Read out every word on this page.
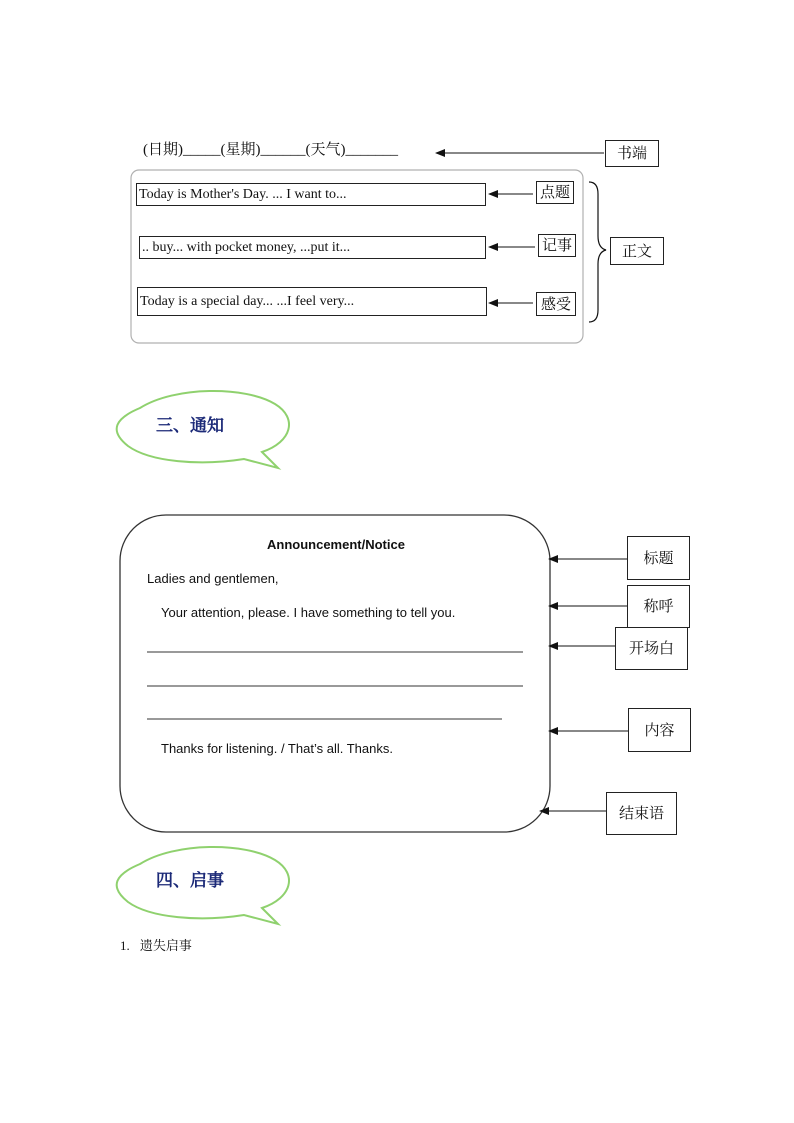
(日期)_____(星期)______(天气)_______	书端
正文
Today is Mother's Day. ... I want to...	点题
.. buy... with pocket money, ...put it...	记事
Today is a special day... ...I feel very...	感受
三、通知
Announcement/Notice
Ladies and gentlemen,
Your attention, please. I have something to tell you.
Thanks for listening. / That’s all. Thanks.
标题
称呼
开场白
内容
结束语
四、启事
1. 遗失启事
